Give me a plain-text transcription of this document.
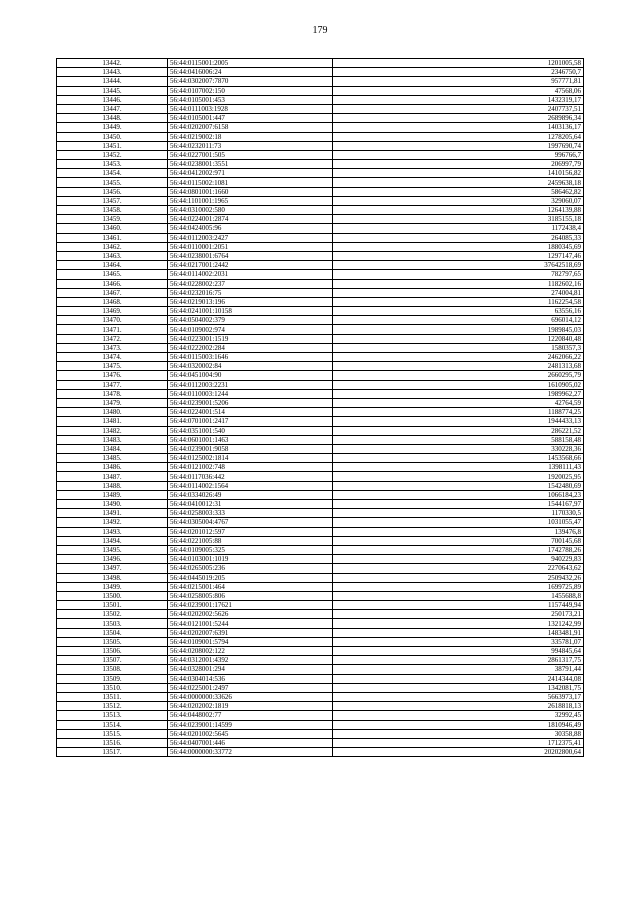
179
13442.	56:44:0115001:2005	1201005,58
13443.	56:44:0416006:24	2346750,7
13444.	56:44:0302007:7870	957771,81
13445.	56:44:0107002:150	47568,06
13446.	56:44:0105001:453	1432319,17
13447.	56:44:0111003:1928	2407737,51
13448.	56:44:0105001:447	2689896,34
13449.	56:44:0202007:6158	1403136,17
13450.	56:44:0219002:18	1278205,64
13451.	56:44:0232011:73	1997690,74
13452.	56:44:0227001:505	996766,7
13453.	56:44:0238001:3551	206997,79
13454.	56:44:0412002:971	1410156,82
13455.	56:44:0115002:1081	2459638,18
13456.	56:44:0801001:1660	586462,82
13457.	56:44:1101001:1965	329060,07
13458.	56:44:0310002:580	1264139,88
13459.	56:44:0224001:2874	3185155,18
13460.	56:44:0424005:96	1172438,4
13461.	56:44:0112003:2427	264085,33
13462.	56:44:0110001:2051	1880345,69
13463.	56:44:0238001:6764	1297147,46
13464.	56:44:0217001:2442	37642518,69
13465.	56:44:0114002:2031	782797,65
13466.	56:44:0228002:237	1182602,16
13467.	56:44:0232016:75	274004,81
13468.	56:44:0219013:196	1162254,58
13469.	56:44:0241001:10158	63556,16
13470.	56:44:0504002:379	696014,12
13471.	56:44:0109002:974	1989845,03
13472.	56:44:0223001:1519	1220840,48
13473.	56:44:0222002:284	1580357,3
13474.	56:44:0115003:1646	2462066,22
13475.	56:44:0320002:84	2481313,68
13476.	56:44:0451004:90	2660295,79
13477.	56:44:0112003:2231	1610905,02
13478.	56:44:0110003:1244	1989962,27
13479.	56:44:0239001:5206	42764,59
13480.	56:44:0224001:514	1188774,25
13481.	56:44:0701001:2417	1944433,13
13482.	56:44:0351001:540	286221,52
13483.	56:44:0601001:1463	588158,48
13484.	56:44:0239001:9058	330228,36
13485.	56:44:0125002:1814	1453568,66
13486.	56:44:0121002:748	1398111,43
13487.	56:44:0117036:442	1920025,95
13488.	56:44:0114002:1564	1542480,69
13489.	56:44:0334026:49	1066184,23
13490.	56:44:0410012:31	1544167,97
13491.	56:44:0258003:333	1170330,5
13492.	56:44:0305004:4767	1031055,47
13493.	56:44:0201012:597	139476,8
13494.	56:44:0221005:88	700145,68
13495.	56:44:0109005:325	1742788,26
13496.	56:44:0103001:1019	940229,83
13497.	56:44:0265005:236	2270643,62
13498.	56:44:0445019:205	2509432,26
13499.	56:44:0215001:464	1699725,89
13500.	56:44:0258005:806	1455688,8
13501.	56:44:0239001:17621	1157449,94
13502.	56:44:0202002:5626	250173,21
13503.	56:44:0121001:5244	1321242,99
13504.	56:44:0202007:6391	1483481,91
13505.	56:44:0109001:5794	335781,07
13506.	56:44:0208002:122	994845,64
13507.	56:44:0312001:4392	2861317,75
13508.	56:44:0328001:294	38791,44
13509.	56:44:0304014:536	2414344,08
13510.	56:44:0225001:2497	1342081,75
13511.	56:44:0000000:33626	5663973,17
13512.	56:44:0202002:1819	2618818,13
13513.	56:44:0448002:77	32992,45
13514.	56:44:0239001:14599	1810946,49
13515.	56:44:0201002:5645	30358,88
13516.	56:44:0407001:446	1712375,41
13517.	56:44:0000000:33772	20202800,64
